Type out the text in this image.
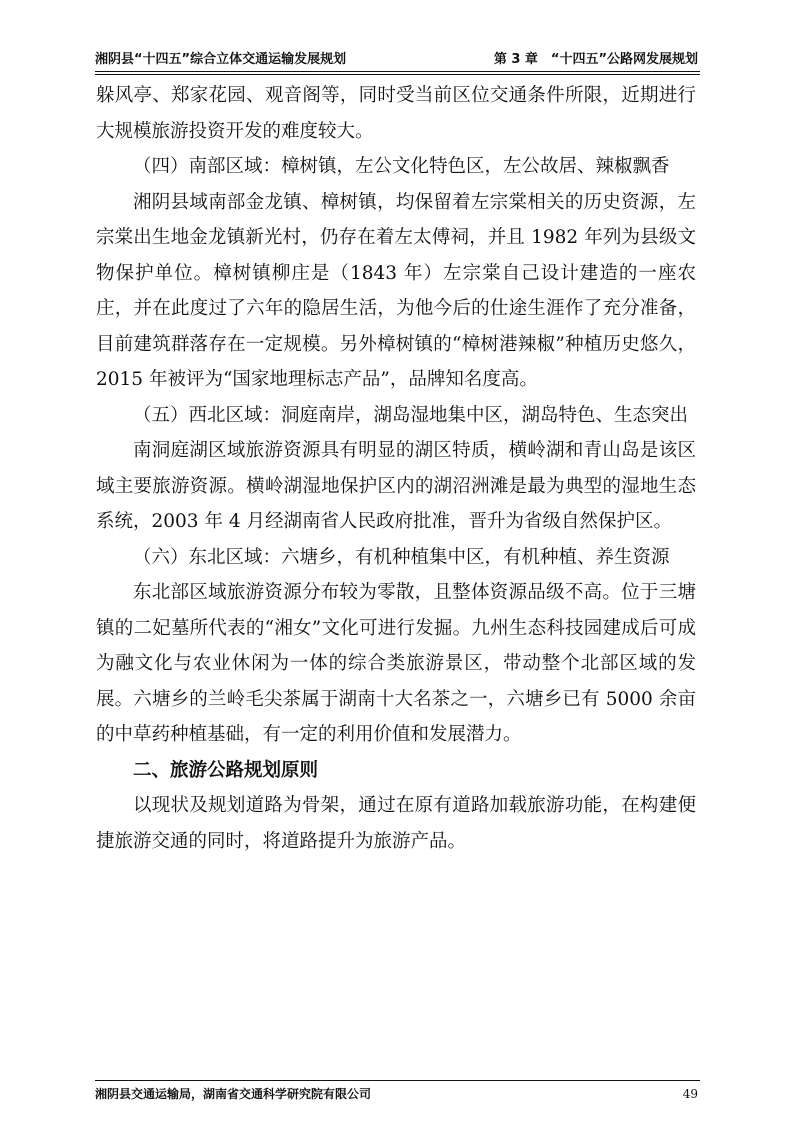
湘阴县“十四五”综合立体交通运输发展规划	第 3 章　“十四五”公路网发展规划

躲风亭、郑家花园、观音阁等，同时受当前区位交通条件所限，近期进行大规模旅游投资开发的难度较大。

（四）南部区域：樟树镇，左公文化特色区，左公故居、辣椒飘香

湘阴县域南部金龙镇、樟树镇，均保留着左宗棠相关的历史资源，左宗棠出生地金龙镇新光村，仍存在着左太傅祠，并且 1982 年列为县级文物保护单位。樟树镇柳庄是（1843 年）左宗棠自己设计建造的一座农庄，并在此度过了六年的隐居生活，为他今后的仕途生涯作了充分准备，目前建筑群落存在一定规模。另外樟树镇的“樟树港辣椒”种植历史悠久，2015 年被评为“国家地理标志产品”，品牌知名度高。

（五）西北区域：洞庭南岸，湖岛湿地集中区，湖岛特色、生态突出

南洞庭湖区域旅游资源具有明显的湖区特质，横岭湖和青山岛是该区域主要旅游资源。横岭湖湿地保护区内的湖沼洲滩是最为典型的湿地生态系统，2003 年 4 月经湖南省人民政府批准，晋升为省级自然保护区。

（六）东北区域：六塘乡，有机种植集中区，有机种植、养生资源

东北部区域旅游资源分布较为零散，且整体资源品级不高。位于三塘镇的二妃墓所代表的“湘女”文化可进行发掘。九州生态科技园建成后可成为融文化与农业休闲为一体的综合类旅游景区，带动整个北部区域的发展。六塘乡的兰岭毛尖茶属于湖南十大名茶之一，六塘乡已有 5000 余亩的中草药种植基础，有一定的利用价值和发展潜力。

二、旅游公路规划原则

以现状及规划道路为骨架，通过在原有道路加载旅游功能，在构建便捷旅游交通的同时，将道路提升为旅游产品。

湘阴县交通运输局，湖南省交通科学研究院有限公司	49
